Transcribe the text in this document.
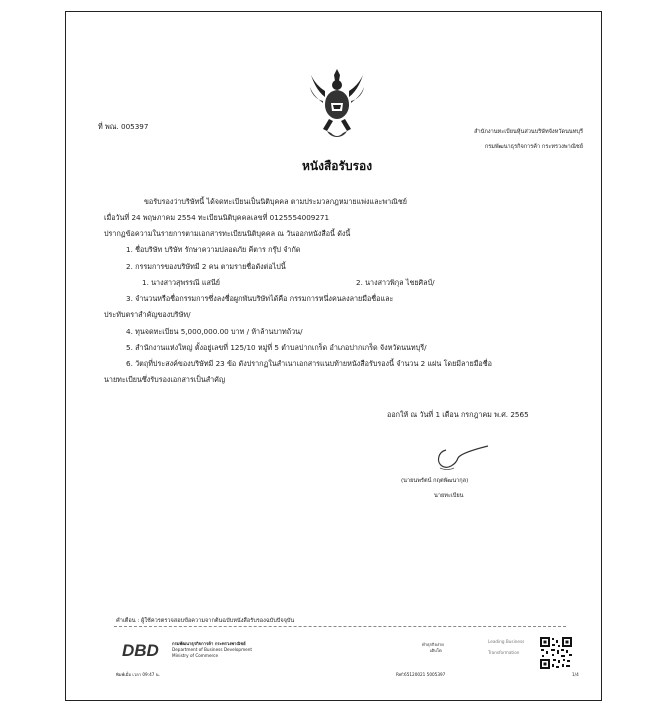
ที่ พณ. 005397
สำนักงานทะเบียนหุ้นส่วนบริษัทจังหวัดนนทบุรี
กรมพัฒนาธุรกิจการค้า กระทรวงพาณิชย์
หนังสือรับรอง
ขอรับรองว่าบริษัทนี้ ได้จดทะเบียนเป็นนิติบุคคล ตามประมวลกฎหมายแพ่งและพาณิชย์
เมื่อวันที่ 24 พฤษภาคม 2554 ทะเบียนนิติบุคคลเลขที่ 0125554009271
ปรากฏข้อความในรายการตามเอกสารทะเบียนนิติบุคคล ณ วันออกหนังสือนี้ ดังนี้
1. ชื่อบริษัท บริษัท รักษาความปลอดภัย คีตาร กรุ๊ป จำกัด
2. กรรมการของบริษัทมี 2 คน ตามรายชื่อดังต่อไปนี้
1. นางสาวสุพรรณี แสนีย์	2. นางสาวพิกุล ไชยศิลป์/
3. จำนวนหรือชื่อกรรมการซึ่งลงชื่อผูกพันบริษัทได้คือ กรรมการหนึ่งคนลงลายมือชื่อและ
ประทับตราสำคัญของบริษัท/
4. ทุนจดทะเบียน 5,000,000.00 บาท / ห้าล้านบาทถ้วน/
5. สำนักงานแห่งใหญ่ ตั้งอยู่เลขที่ 125/10 หมู่ที่ 5 ตำบลปากเกร็ด อำเภอปากเกร็ด จังหวัดนนทบุรี/
6. วัตถุที่ประสงค์ของบริษัทมี 23 ข้อ ดังปรากฏในสำเนาเอกสารแนบท้ายหนังสือรับรองนี้ จำนวน 2 แผ่น โดยมีลายมือชื่อ
นายทะเบียนซึ่งรับรองเอกสารเป็นสำคัญ
ออกให้ ณ วันที่ 1 เดือน กรกฎาคม พ.ศ. 2565
(นายนพรัตน์ กฤตพัฒนากุล)
นายทะเบียน
คำเตือน : ผู้ใช้ควรตรวจสอบข้อความจากต้นฉบับหนังสือรับรองฉบับปัจจุบัน
DBD	กรมพัฒนาธุรกิจการค้า กระทรวงพาณิชย์
Department of Business Development
Ministry of Commerce
ทำธุรกิจง่าย
เติบโต
Leading Business
Transformation
พิมพ์เมื่อ เวลา 09:47 น.	Ref:65120021 5005397	1/4
